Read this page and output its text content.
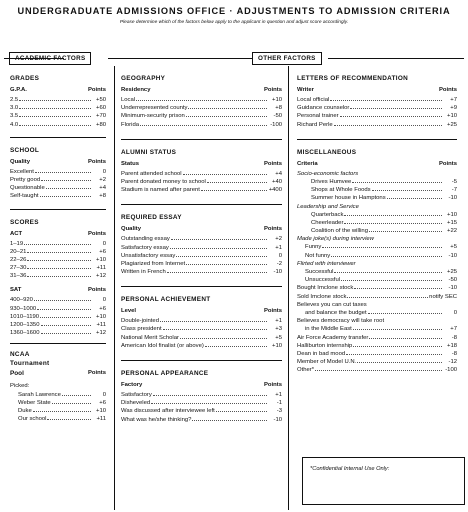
UNDERGRADUATE ADMISSIONS OFFICE · ADJUSTMENTS TO ADMISSION CRITERIA
Please determine which of the factors below apply to the applicant in question and adjust score accordingly.
ACADEMIC FACTORS	OTHER FACTORS
GRADES
G.P.A.	Points
2.5	+50
3.0	+60
3.5	+70
4.0	+80
SCHOOL
Quality	Points
Excellent	0
Pretty good	+2
Questionable	+4
Self-taught	+8
SCORES
ACT	Points
1–19	0
20–21	+6
22–26	+10
27–30	+11
31–36	+12
SAT	Points
400–920	0
930–1000	+6
1010–1190	+10
1200–1350	+11
1360–1600	+12
NCAA
Tournament
Pool	Points
Picked:
Sarah Lawrence	0
Weber State	+6
Duke	+10
Our school	+11
GEOGRAPHY
Residency	Points
Local	+10
Underrepresented county	+8
Minimum-security prison	-50
Florida	-100
ALUMNI STATUS
Status	Points
Parent attended school	+4
Parent donated money to school	+40
Stadium is named after parent	+400
REQUIRED ESSAY
Quality	Points
Outstanding essay	+2
Satisfactory essay	+1
Unsatisfactory essay	0
Plagiarized from Internet	-2
Written in French	-10
PERSONAL ACHIEVEMENT
Level	Points
Double-jointed	+1
Class president	+3
National Merit Scholar	+5
American Idol finalist (or above)	+10
PERSONAL APPEARANCE
Factory	Points
Satisfactory	+1
Disheveled	-1
Was discussed after interviewee left	-3
What was he/she thinking?	-10
LETTERS OF RECOMMENDATION
Writer	Points
Local official	+7
Guidance counselor	+9
Personal trainer	+10
Richard Perle	+25
MISCELLANEOUS
Criteria	Points
Socio-economic factors
Drives Humvee	-5
Shops at Whole Foods	-7
Summer house in Hamptons	-10
Leadership and Service
Quarterback	+10
Cheerleader	+15
Coalition of the willing	+22
Made joke(s) during interview
Funny	+5
Not funny	-10
Flirted with interviewer
Successful	+25
Unsuccessful	-50
Bought Imclone stock	-10
Sold Imclone stock	notify SEC
Believes you can cut taxes
and balance the budget	0
Believes democracy will take root
in the Middle East	+7
Air Force Academy transfer	-8
Halliburton internship	+18
Dean in bad mood	-8
Member of Model U.N.	-12
Other*	-100
*Confidential Internal Use Only:
